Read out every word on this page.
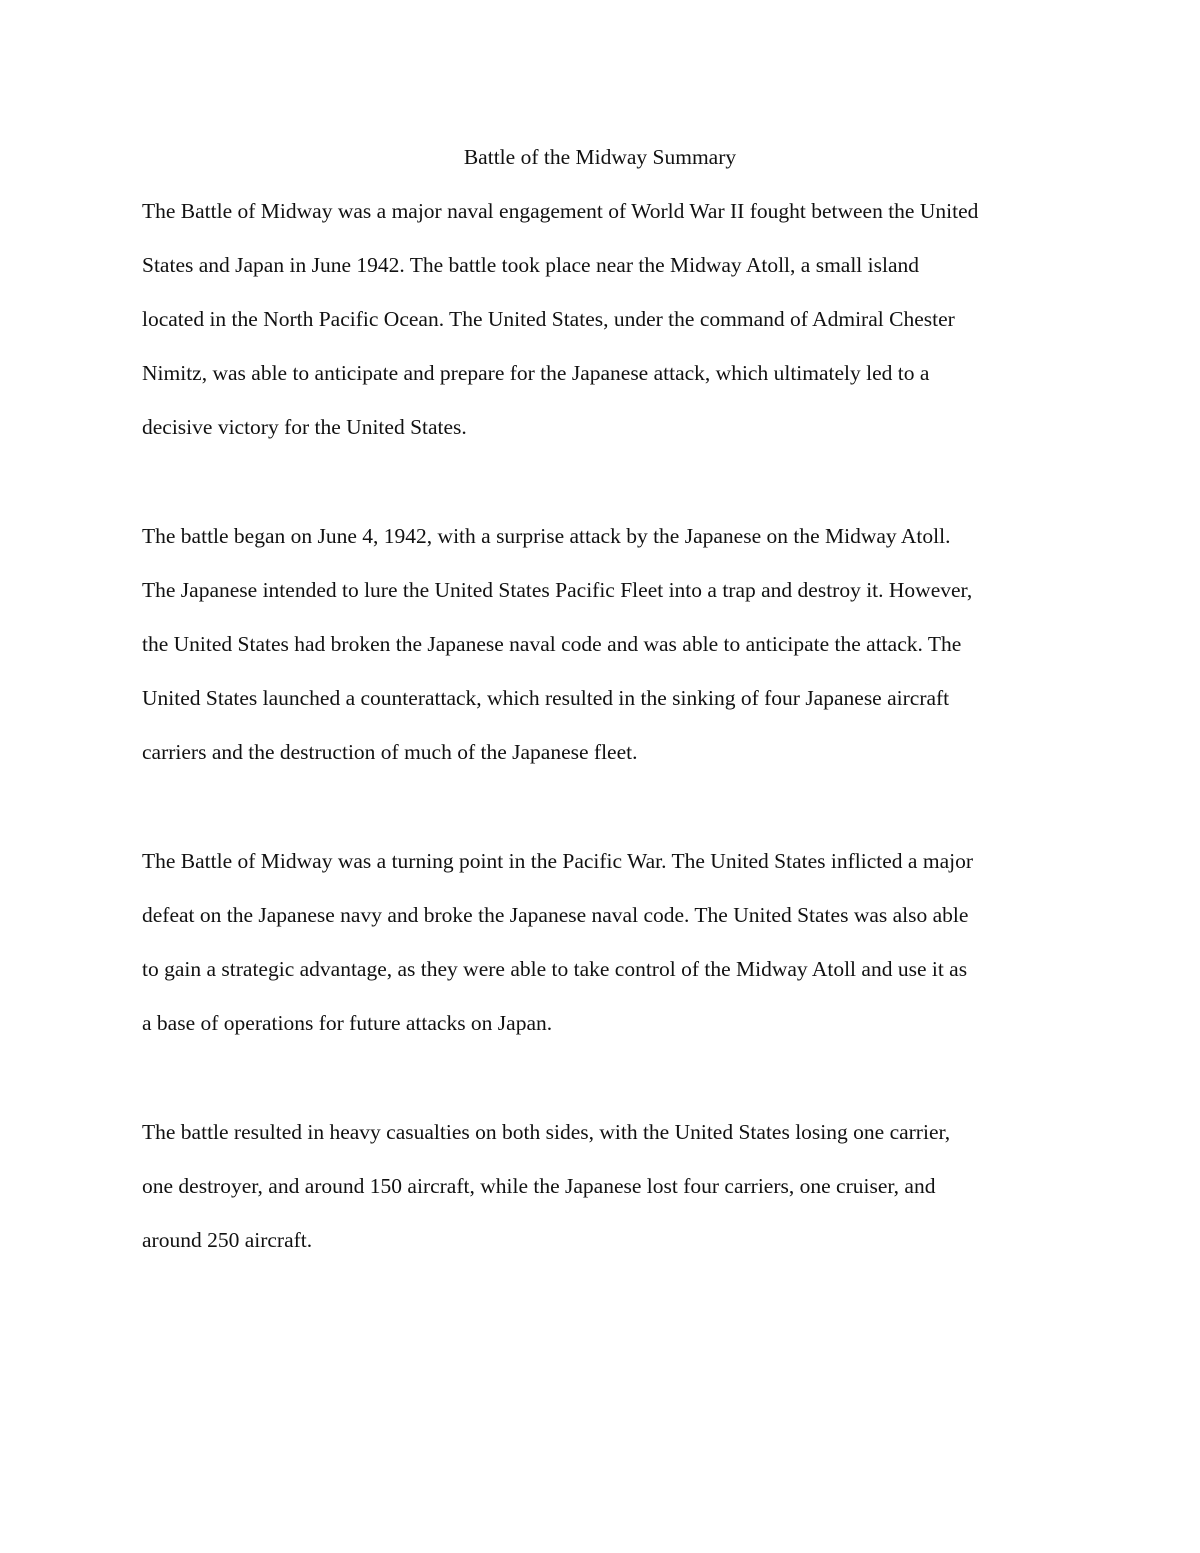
Battle of the Midway Summary
The Battle of Midway was a major naval engagement of World War II fought between the United
States and Japan in June 1942. The battle took place near the Midway Atoll, a small island
located in the North Pacific Ocean. The United States, under the command of Admiral Chester
Nimitz, was able to anticipate and prepare for the Japanese attack, which ultimately led to a
decisive victory for the United States.
The battle began on June 4, 1942, with a surprise attack by the Japanese on the Midway Atoll.
The Japanese intended to lure the United States Pacific Fleet into a trap and destroy it. However,
the United States had broken the Japanese naval code and was able to anticipate the attack. The
United States launched a counterattack, which resulted in the sinking of four Japanese aircraft
carriers and the destruction of much of the Japanese fleet.
The Battle of Midway was a turning point in the Pacific War. The United States inflicted a major
defeat on the Japanese navy and broke the Japanese naval code. The United States was also able
to gain a strategic advantage, as they were able to take control of the Midway Atoll and use it as
a base of operations for future attacks on Japan.
The battle resulted in heavy casualties on both sides, with the United States losing one carrier,
one destroyer, and around 150 aircraft, while the Japanese lost four carriers, one cruiser, and
around 250 aircraft.
